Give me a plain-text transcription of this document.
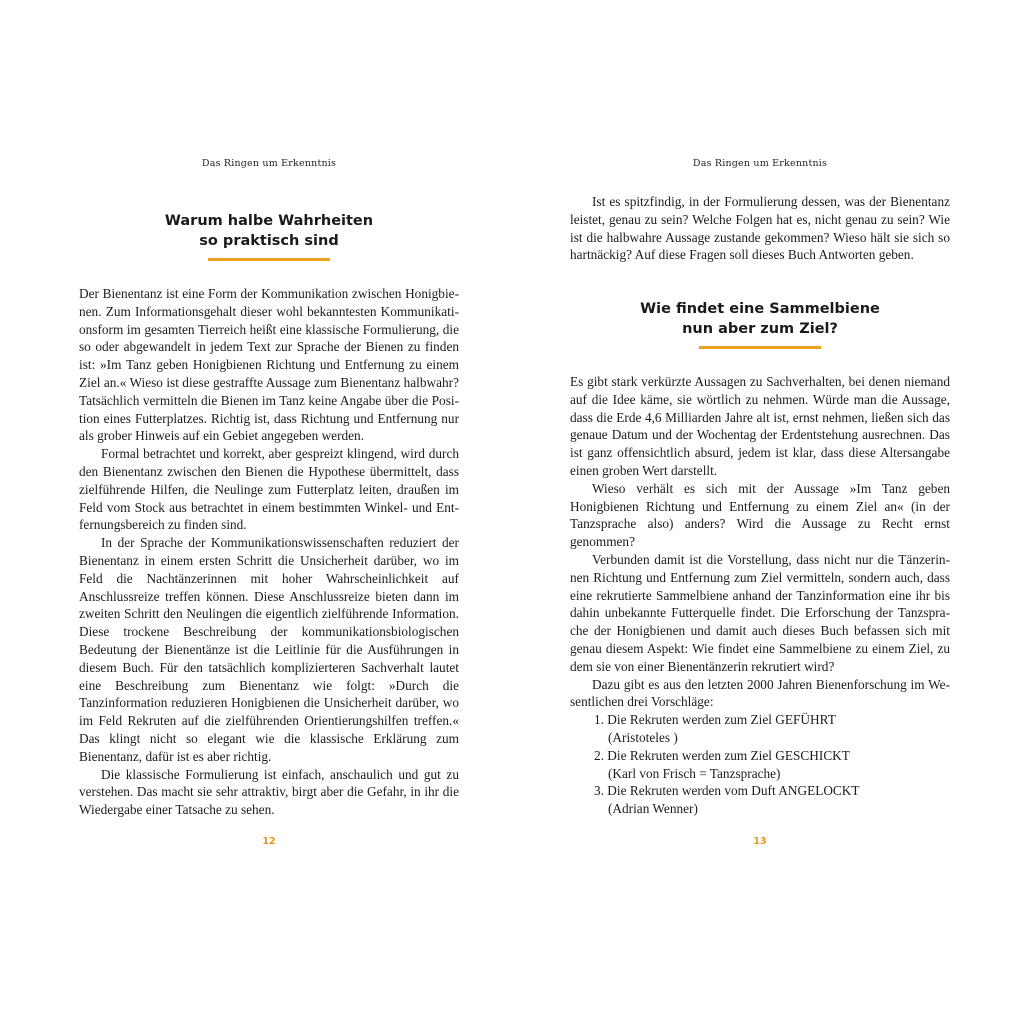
Das Ringen um Erkenntnis
Warum halbe Wahrheiten
so praktisch sind

Der Bienentanz ist eine Form der Kommunikation zwischen Honigbienen. Zum Informationsgehalt dieser wohl bekanntesten Kommunikationsform im gesamten Tierreich heißt eine klassische Formulierung, die so oder abgewandelt in jedem Text zur Sprache der Bienen zu finden ist: »Im Tanz geben Honigbienen Richtung und Entfernung zu einem Ziel an.« Wieso ist diese gestraffte Aussage zum Bienentanz halbwahr? Tatsächlich vermitteln die Bienen im Tanz keine Angabe über die Position eines Futterplatzes. Richtig ist, dass Richtung und Entfernung nur als grober Hinweis auf ein Gebiet angegeben werden.

Formal betrachtet und korrekt, aber gespreizt klingend, wird durch den Bienentanz zwischen den Bienen die Hypothese übermittelt, dass zielführende Hilfen, die Neulinge zum Futterplatz leiten, draußen im Feld vom Stock aus betrachtet in einem bestimmten Winkel- und Entfernungsbereich zu finden sind.

In der Sprache der Kommunikationswissenschaften reduziert der Bienentanz in einem ersten Schritt die Unsicherheit darüber, wo im Feld die Nachtänzerinnen mit hoher Wahrscheinlichkeit auf Anschlussreize treffen können. Diese Anschlussreize bieten dann im zweiten Schritt den Neulingen die eigentlich zielführende Information. Diese trockene Beschreibung der kommunikationsbiologischen Bedeutung der Bienentänze ist die Leitlinie für die Ausführungen in diesem Buch. Für den tatsächlich komplizierteren Sachverhalt lautet eine Beschreibung zum Bienentanz wie folgt: »Durch die Tanzinformation reduzieren Honigbienen die Unsicherheit darüber, wo im Feld Rekruten auf die zielführenden Orientierungshilfen treffen.« Das klingt nicht so elegant wie die klassische Erklärung zum Bienentanz, dafür ist es aber richtig.

Die klassische Formulierung ist einfach, anschaulich und gut zu verstehen. Das macht sie sehr attraktiv, birgt aber die Gefahr, in ihr die Wiedergabe einer Tatsache zu sehen.

12
Das Ringen um Erkenntnis

Ist es spitzfindig, in der Formulierung dessen, was der Bienentanz leistet, genau zu sein? Welche Folgen hat es, nicht genau zu sein? Wie ist die halbwahre Aussage zustande gekommen? Wieso hält sie sich so hartnäckig? Auf diese Fragen soll dieses Buch Antworten geben.

Wie findet eine Sammelbiene
nun aber zum Ziel?

Es gibt stark verkürzte Aussagen zu Sachverhalten, bei denen niemand auf die Idee käme, sie wörtlich zu nehmen. Würde man die Aussage, dass die Erde 4,6 Milliarden Jahre alt ist, ernst nehmen, ließen sich das genaue Datum und der Wochentag der Erdentstehung ausrechnen. Das ist ganz offensichtlich absurd, jedem ist klar, dass diese Altersangabe einen groben Wert darstellt.

Wieso verhält es sich mit der Aussage »Im Tanz geben Honigbienen Richtung und Entfernung zu einem Ziel an« (in der Tanzsprache also) anders? Wird die Aussage zu Recht ernst genommen?

Verbunden damit ist die Vorstellung, dass nicht nur die Tänzerinnen Richtung und Entfernung zum Ziel vermitteln, sondern auch, dass eine rekrutierte Sammelbiene anhand der Tanzinformation eine ihr bis dahin unbekannte Futterquelle findet. Die Erforschung der Tanzsprache der Honigbienen und damit auch dieses Buch befassen sich mit genau diesem Aspekt: Wie findet eine Sammelbiene zu einem Ziel, zu dem sie von einer Bienentänzerin rekrutiert wird?

Dazu gibt es aus den letzten 2000 Jahren Bienenforschung im Wesentlichen drei Vorschläge:

1. Die Rekruten werden zum Ziel GEFÜHRT
(Aristoteles )
2. Die Rekruten werden zum Ziel GESCHICKT
(Karl von Frisch = Tanzsprache)
3. Die Rekruten werden vom Duft ANGELOCKT
(Adrian Wenner)
13
